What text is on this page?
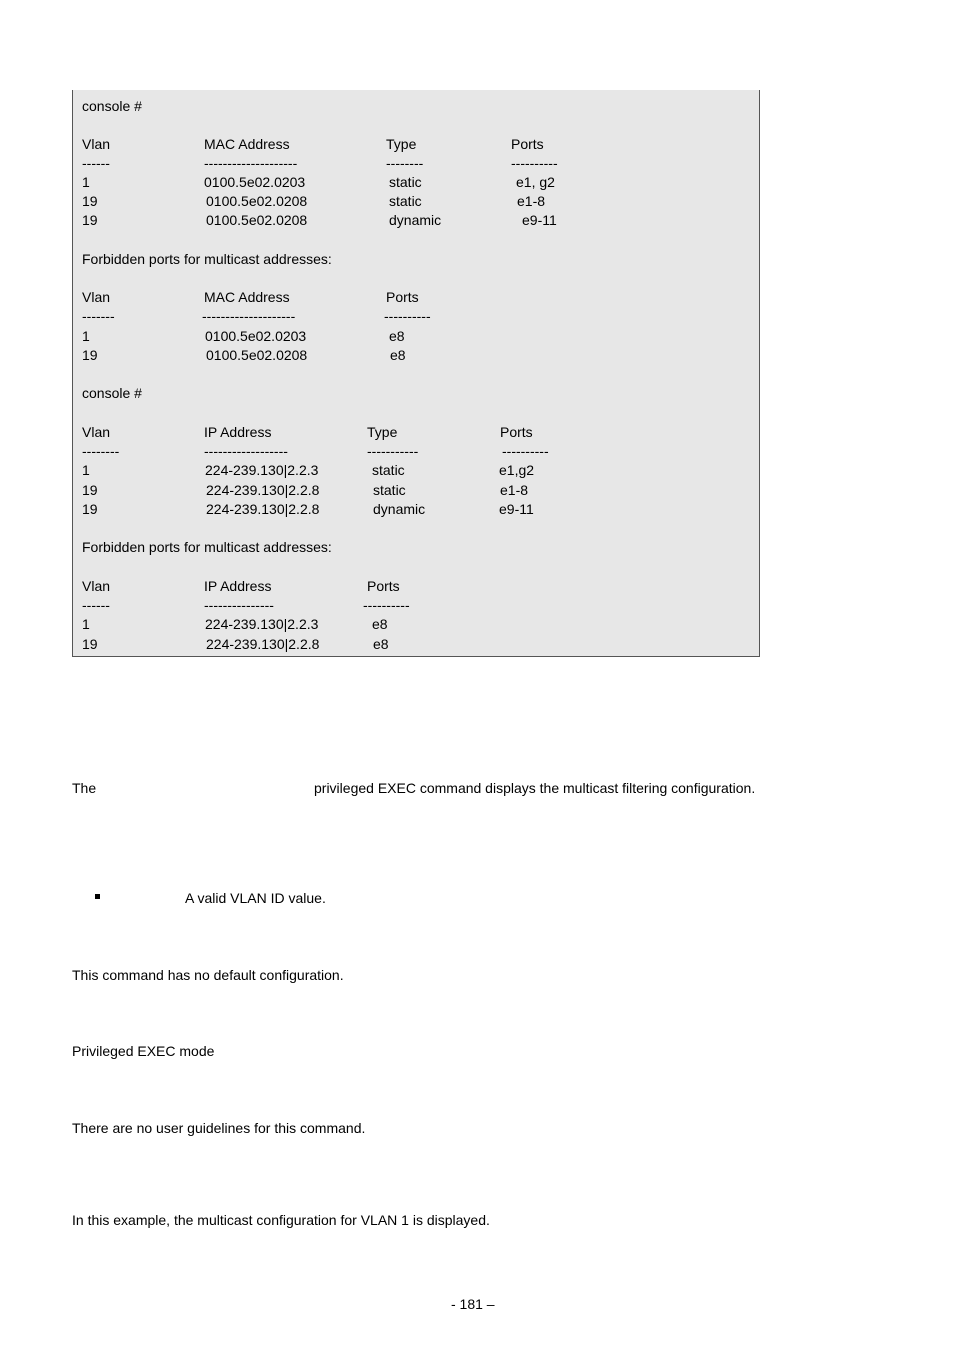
console #
Vlan	MAC Address	Type	Ports
------	--------------------	--------	----------
1	0100.5e02.0203	static	e1, g2
19	0100.5e02.0208	static	e1-8
19	0100.5e02.0208	dynamic	e9-11
Forbidden ports for multicast addresses:
Vlan	MAC Address	Ports
-------	--------------------	----------
1	0100.5e02.0203	e8
19	0100.5e02.0208	e8
console #
Vlan	IP Address	Type	Ports
--------	------------------	-----------	----------
1	224-239.130|2.2.3	static	e1,g2
19	224-239.130|2.2.8	static	e1-8
19	224-239.130|2.2.8	dynamic	e9-11
Forbidden ports for multicast addresses:
Vlan	IP Address	Ports
------	---------------	----------
1	224-239.130|2.2.3	e8
19	224-239.130|2.2.8	e8
The	privileged EXEC command displays the multicast filtering configuration.
A valid VLAN ID value.
This command has no default configuration.
Privileged EXEC mode
There are no user guidelines for this command.
In this example, the multicast configuration for VLAN 1 is displayed.
- 181 –
